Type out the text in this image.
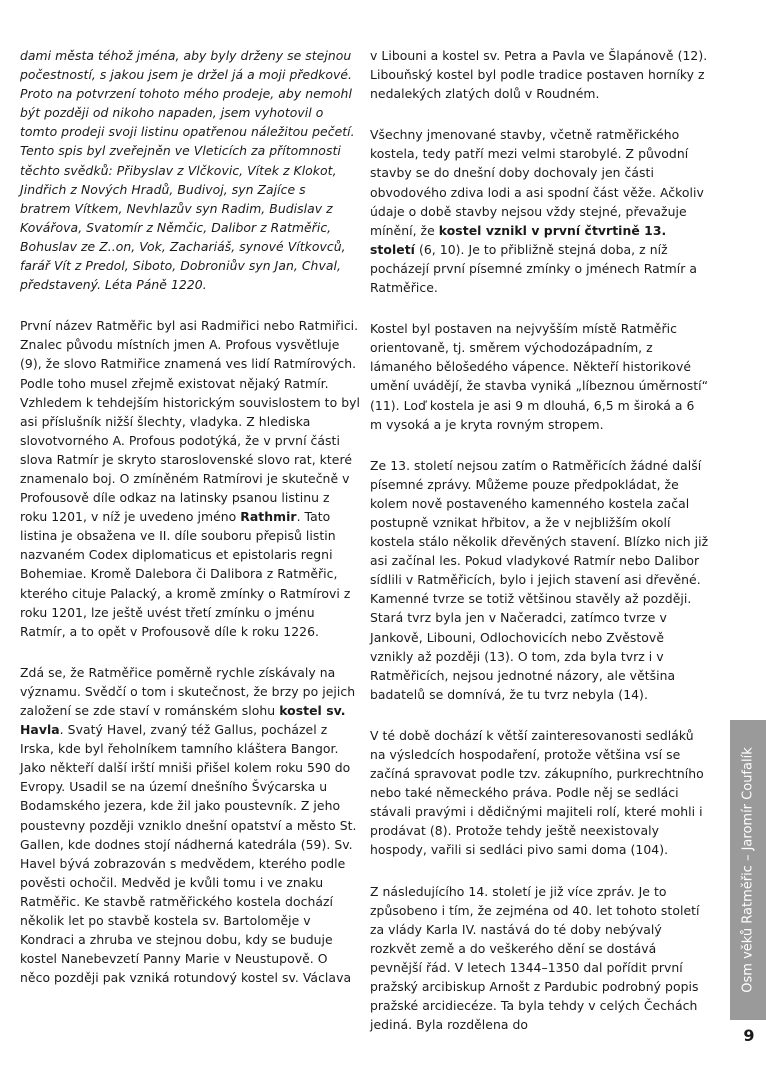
dami města téhož jména, aby byly drženy se stejnou počestností, s jakou jsem je držel já a moji předkové. Proto na potvrzení tohoto mého prodeje, aby nemohl být později od nikoho napaden, jsem vyhotovil o tomto prodeji svoji listinu opatřenou náležitou pečetí. Tento spis byl zveřejněn ve Vleticích za přítomnosti těchto svědků: Přibyslav z Vlčkovic, Vítek z Klokot, Jindřich z Nových Hradů, Budivoj, syn Zajíce s bratrem Vítkem, Nevhlazův syn Radim, Budislav z Kovářova, Svatomír z Němčic, Dalibor z Ratměřic, Bohuslav ze Z..on, Vok, Zachariáš, synové Vítkovců, farář Vít z Predol, Siboto, Dobroniův syn Jan, Chval, představený. Léta Páně 1220.

První název Ratměřic byl asi Radmiřici nebo Ratmiřici. Znalec původu místních jmen A. Profous vysvětluje (9), že slovo Ratmiřice znamená ves lidí Ratmírových. Podle toho musel zřejmě existovat nějaký Ratmír. Vzhledem k tehdejším historickým souvislostem to byl asi příslušník nižší šlechty, vladyka. Z hlediska slovotvorného A. Profous podotýká, že v první části slova Ratmír je skryto staroslovenské slovo rat, které znamenalo boj. O zmíněném Ratmírovi je skutečně v Profousově díle odkaz na latinsky psanou listinu z roku 1201, v níž je uvedeno jméno Rathmir. Tato listina je obsažena ve II. díle souboru přepisů listin nazvaném Codex diplomaticus et epistolaris regni Bohemiae. Kromě Dalebora či Dalibora z Ratměřic, kterého cituje Palacký, a kromě zmínky o Ratmírovi z roku 1201, lze ještě uvést třetí zmínku o jménu Ratmír, a to opět v Profousově díle k roku 1226.

Zdá se, že Ratměřice poměrně rychle získávaly na významu. Svědčí o tom i skutečnost, že brzy po jejich založení se zde staví v románském slohu kostel sv. Havla. Svatý Havel, zvaný též Gallus, pocházel z Irska, kde byl řeholníkem tamního kláštera Bangor. Jako někteří další irští mniši přišel kolem roku 590 do Evropy. Usadil se na území dnešního Švýcarska u Bodamského jezera, kde žil jako poustevník. Z jeho poustevny později vzniklo dnešní opatství a město St. Gallen, kde dodnes stojí nádherná katedrála (59). Sv. Havel bývá zobrazován s medvědem, kterého podle pověsti ochočil. Medvěd je kvůli tomu i ve znaku Ratměřic. Ke stavbě ratměřického kostela dochází několik let po stavbě kostela sv. Bartoloměje v Kondraci a zhruba ve stejnou dobu, kdy se buduje kostel Nanebevzetí Panny Marie v Neustupově. O něco později pak vzniká rotundový kostel sv. Václava

v Libouni a kostel sv. Petra a Pavla ve Šlapánově (12). Libouňský kostel byl podle tradice postaven horníky z nedalekých zlatých dolů v Roudném.

Všechny jmenované stavby, včetně ratměřického kostela, tedy patří mezi velmi starobylé. Z původní stavby se do dnešní doby dochovaly jen části obvodového zdiva lodi a asi spodní část věže. Ačkoliv údaje o době stavby nejsou vždy stejné, převažuje mínění, že kostel vznikl v první čtvrtině 13. století (6, 10). Je to přibližně stejná doba, z níž pocházejí první písemné zmínky o jménech Ratmír a Ratměřice.

Kostel byl postaven na nejvyšším místě Ratměřic orientovaně, tj. směrem východozápadním, z lámaného bělošedého vápence. Někteří historikové umění uvádějí, že stavba vyniká „líbeznou úměrností“ (11). Loď kostela je asi 9 m dlouhá, 6,5 m široká a 6 m vysoká a je kryta rovným stropem.

Ze 13. století nejsou zatím o Ratměřicích žádné další písemné zprávy. Můžeme pouze předpokládat, že kolem nově postaveného kamenného kostela začal postupně vznikat hřbitov, a že v nejbližším okolí kostela stálo několik dřevěných stavení. Blízko nich již asi začínal les. Pokud vladykové Ratmír nebo Dalibor sídlili v Ratměřicích, bylo i jejich stavení asi dřevěné. Kamenné tvrze se totiž většinou stavěly až později. Stará tvrz byla jen v Načeradci, zatímco tvrze v Jankově, Libouni, Odlochovicích nebo Zvěstově vznikly až později (13). O tom, zda byla tvrz i v Ratměřicích, nejsou jednotné názory, ale většina badatelů se domnívá, že tu tvrz nebyla (14).

V té době dochází k větší zainteresovanosti sedláků na výsledcích hospodaření, protože většina vsí se začíná spravovat podle tzv. zákupního, purkrechtního nebo také německého práva. Podle něj se sedláci stávali pravými i dědičnými majiteli rolí, které mohli i prodávat (8). Protože tehdy ještě neexistovaly hospody, vařili si sedláci pivo sami doma (104).

Z následujícího 14. století je již více zpráv. Je to způsobeno i tím, že zejména od 40. let tohoto století za vlády Karla IV. nastává do té doby nebývalý rozkvět země a do veškerého dění se dostává pevnější řád. V letech 1344–1350 dal pořídit první pražský arcibiskup Arnošt z Pardubic podrobný popis pražské arcidiecéze. Ta byla tehdy v celých Čechách jediná. Byla rozdělena do

Osm věků Ratměřic – Jaromír Coufalík
9
